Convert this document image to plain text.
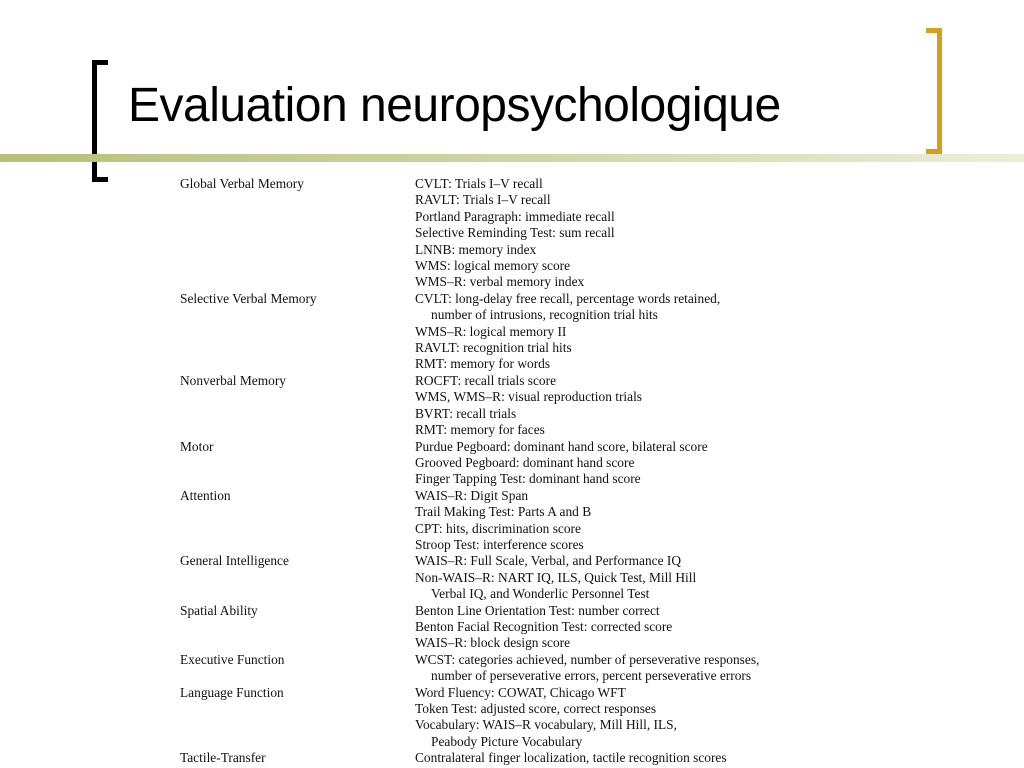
Evaluation neuropsychologique
Global Verbal Memory	CVLT: Trials I–V recall
RAVLT: Trials I–V recall
Portland Paragraph: immediate recall
Selective Reminding Test: sum recall
LNNB: memory index
WMS: logical memory score
WMS–R: verbal memory index
Selective Verbal Memory	CVLT: long-delay free recall, percentage words retained,
number of intrusions, recognition trial hits
WMS–R: logical memory II
RAVLT: recognition trial hits
RMT: memory for words
Nonverbal Memory	ROCFT: recall trials score
WMS, WMS–R: visual reproduction trials
BVRT: recall trials
RMT: memory for faces
Motor	Purdue Pegboard: dominant hand score, bilateral score
Grooved Pegboard: dominant hand score
Finger Tapping Test: dominant hand score
Attention	WAIS–R: Digit Span
Trail Making Test: Parts A and B
CPT: hits, discrimination score
Stroop Test: interference scores
General Intelligence	WAIS–R: Full Scale, Verbal, and Performance IQ
Non-WAIS–R: NART IQ, ILS, Quick Test, Mill Hill
Verbal IQ, and Wonderlic Personnel Test
Spatial Ability	Benton Line Orientation Test: number correct
Benton Facial Recognition Test: corrected score
WAIS–R: block design score
Executive Function	WCST: categories achieved, number of perseverative responses,
number of perseverative errors, percent perseverative errors
Language Function	Word Fluency: COWAT, Chicago WFT
Token Test: adjusted score, correct responses
Vocabulary: WAIS–R vocabulary, Mill Hill, ILS,
Peabody Picture Vocabulary
Tactile-Transfer	Contralateral finger localization, tactile recognition scores
